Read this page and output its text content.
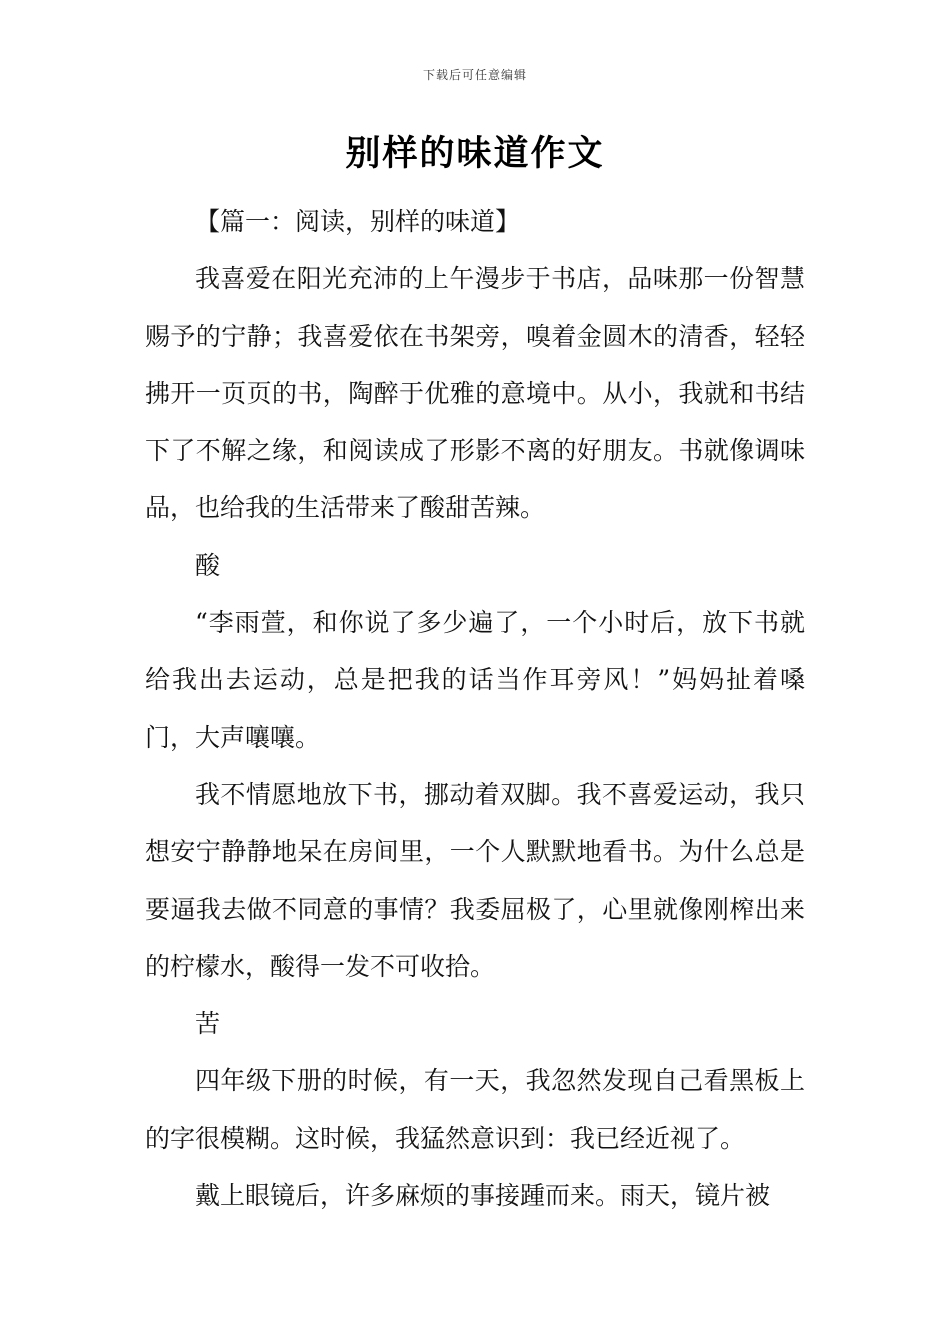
下载后可任意编辑
别样的味道作文

【篇一：阅读，别样的味道】

我喜爱在阳光充沛的上午漫步于书店，品味那一份智慧赐予的宁静；我喜爱依在书架旁，嗅着金圆木的清香，轻轻拂开一页页的书，陶醉于优雅的意境中。从小，我就和书结下了不解之缘，和阅读成了形影不离的好朋友。书就像调味品，也给我的生活带来了酸甜苦辣。

酸

“李雨萱，和你说了多少遍了，一个小时后，放下书就给我出去运动，总是把我的话当作耳旁风！”妈妈扯着嗓门，大声嚷嚷。

我不情愿地放下书，挪动着双脚。我不喜爱运动，我只想安宁静静地呆在房间里，一个人默默地看书。为什么总是要逼我去做不同意的事情？我委屈极了，心里就像刚榨出来的柠檬水，酸得一发不可收拾。

苦

四年级下册的时候，有一天，我忽然发现自己看黑板上的字很模糊。这时候，我猛然意识到：我已经近视了。

戴上眼镜后，许多麻烦的事接踵而来。雨天，镜片被
